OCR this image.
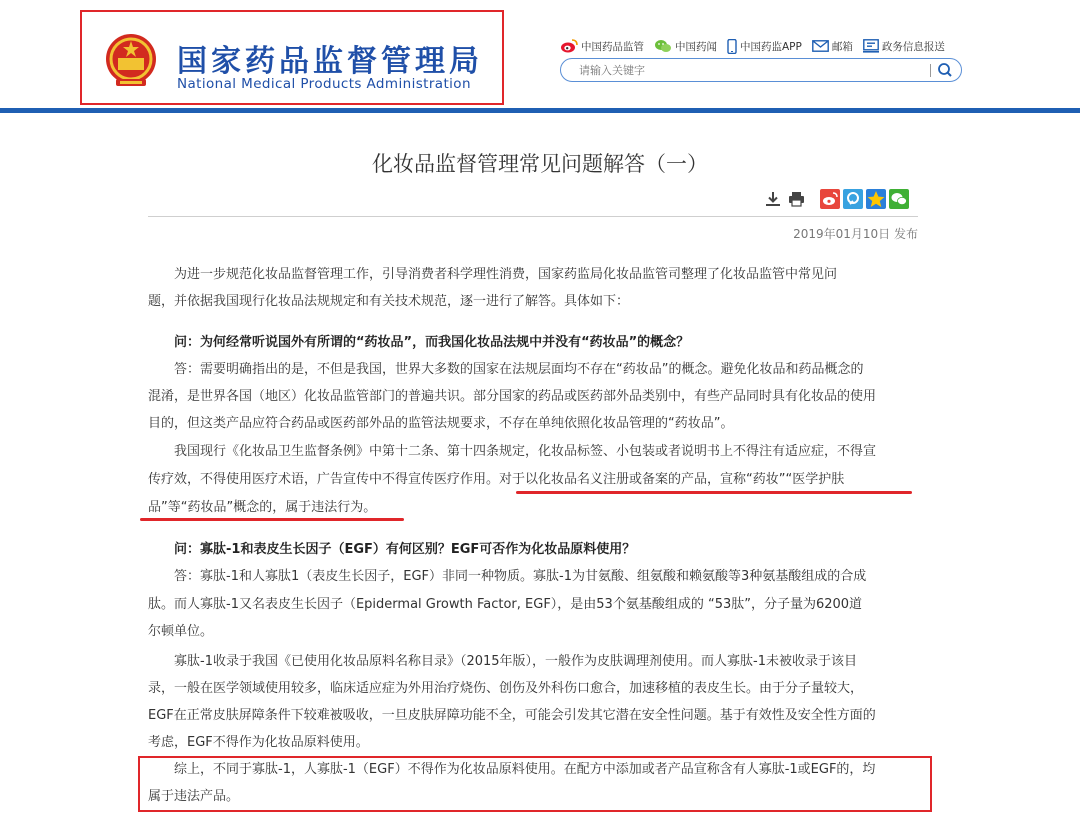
国家药品监督管理局
National Medical Products Administration
中国药品监管	中国药闻 中国药监APP	邮箱	政务信息报送
请输入关键字
化妆品监督管理常见问题解答（一）
2019年01月10日 发布
为进一步规范化妆品监督管理工作，引导消费者科学理性消费，国家药监局化妆品监管司整理了化妆品监管中常见问
题，并依据我国现行化妆品法规规定和有关技术规范，逐一进行了解答。具体如下：
问：为何经常听说国外有所谓的“药妆品”，而我国化妆品法规中并没有“药妆品”的概念？
答：需要明确指出的是，不但是我国，世界大多数的国家在法规层面均不存在“药妆品”的概念。避免化妆品和药品概念的
混淆，是世界各国（地区）化妆品监管部门的普遍共识。部分国家的药品或医药部外品类别中，有些产品同时具有化妆品的使用
目的，但这类产品应符合药品或医药部外品的监管法规要求，不存在单纯依照化妆品管理的“药妆品”。
我国现行《化妆品卫生监督条例》中第十二条、第十四条规定，化妆品标签、小包装或者说明书上不得注有适应症，不得宣
传疗效，不得使用医疗术语，广告宣传中不得宣传医疗作用。对于以化妆品名义注册或备案的产品，宣称“药妆”“医学护肤
品”等“药妆品”概念的，属于违法行为。
问：寡肽-1和表皮生长因子（EGF）有何区别？EGF可否作为化妆品原料使用？
答：寡肽-1和人寡肽1（表皮生长因子，EGF）非同一种物质。寡肽-1为甘氨酸、组氨酸和赖氨酸等3种氨基酸组成的合成
肽。而人寡肽-1又名表皮生长因子（Epidermal Growth Factor, EGF），是由53个氨基酸组成的 “53肽”，分子量为6200道
尔顿单位。
寡肽-1收录于我国《已使用化妆品原料名称目录》（2015年版），一般作为皮肤调理剂使用。而人寡肽-1未被收录于该目
录，一般在医学领域使用较多，临床适应症为外用治疗烧伤、创伤及外科伤口愈合，加速移植的表皮生长。由于分子量较大，
EGF在正常皮肤屏障条件下较难被吸收，一旦皮肤屏障功能不全，可能会引发其它潜在安全性问题。基于有效性及安全性方面的
考虑，EGF不得作为化妆品原料使用。
综上，不同于寡肽-1，人寡肽-1（EGF）不得作为化妆品原料使用。在配方中添加或者产品宣称含有人寡肽-1或EGF的，均
属于违法产品。
